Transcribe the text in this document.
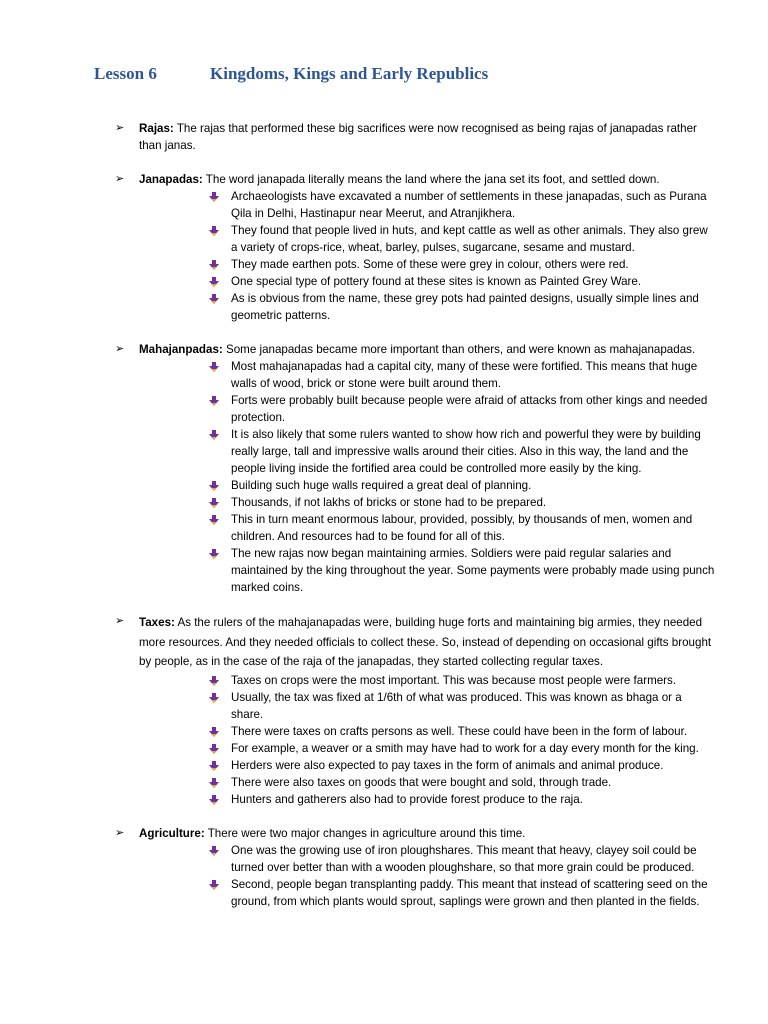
Lesson 6	Kingdoms, Kings and Early Republics
➢ Rajas: The rajas that performed these big sacrifices were now recognised as being rajas of janapadas rather than janas.
➢ Janapadas: The word janapada literally means the land where the jana set its foot, and settled down.
Archaeologists have excavated a number of settlements in these janapadas, such as Purana Qila in Delhi, Hastinapur near Meerut, and Atranjikhera.
They found that people lived in huts, and kept cattle as well as other animals. They also grew a variety of crops-rice, wheat, barley, pulses, sugarcane, sesame and mustard.
They made earthen pots. Some of these were grey in colour, others were red.
One special type of pottery found at these sites is known as Painted Grey Ware.
As is obvious from the name, these grey pots had painted designs, usually simple lines and geometric patterns.
➢ Mahajanpadas: Some janapadas became more important than others, and were known as mahajanapadas.
Most mahajanapadas had a capital city, many of these were fortified. This means that huge walls of wood, brick or stone were built around them.
Forts were probably built because people were afraid of attacks from other kings and needed protection.
It is also likely that some rulers wanted to show how rich and powerful they were by building really large, tall and impressive walls around their cities. Also in this way, the land and the people living inside the fortified area could be controlled more easily by the king.
Building such huge walls required a great deal of planning.
Thousands, if not lakhs of bricks or stone had to be prepared.
This in turn meant enormous labour, provided, possibly, by thousands of men, women and children. And resources had to be found for all of this.
The new rajas now began maintaining armies. Soldiers were paid regular salaries and maintained by the king throughout the year. Some payments were probably made using punch marked coins.
➢ Taxes: As the rulers of the mahajanapadas were, building huge forts and maintaining big armies, they needed more resources. And they needed officials to collect these. So, instead of depending on occasional gifts brought by people, as in the case of the raja of the janapadas, they started collecting regular taxes.
Taxes on crops were the most important. This was because most people were farmers.
Usually, the tax was fixed at 1/6th of what was produced. This was known as bhaga or a share.
There were taxes on crafts persons as well. These could have been in the form of labour.
For example, a weaver or a smith may have had to work for a day every month for the king.
Herders were also expected to pay taxes in the form of animals and animal produce.
There were also taxes on goods that were bought and sold, through trade.
Hunters and gatherers also had to provide forest produce to the raja.
➢ Agriculture: There were two major changes in agriculture around this time.
One was the growing use of iron ploughshares. This meant that heavy, clayey soil could be turned over better than with a wooden ploughshare, so that more grain could be produced.
Second, people began transplanting paddy. This meant that instead of scattering seed on the ground, from which plants would sprout, saplings were grown and then planted in the fields.
